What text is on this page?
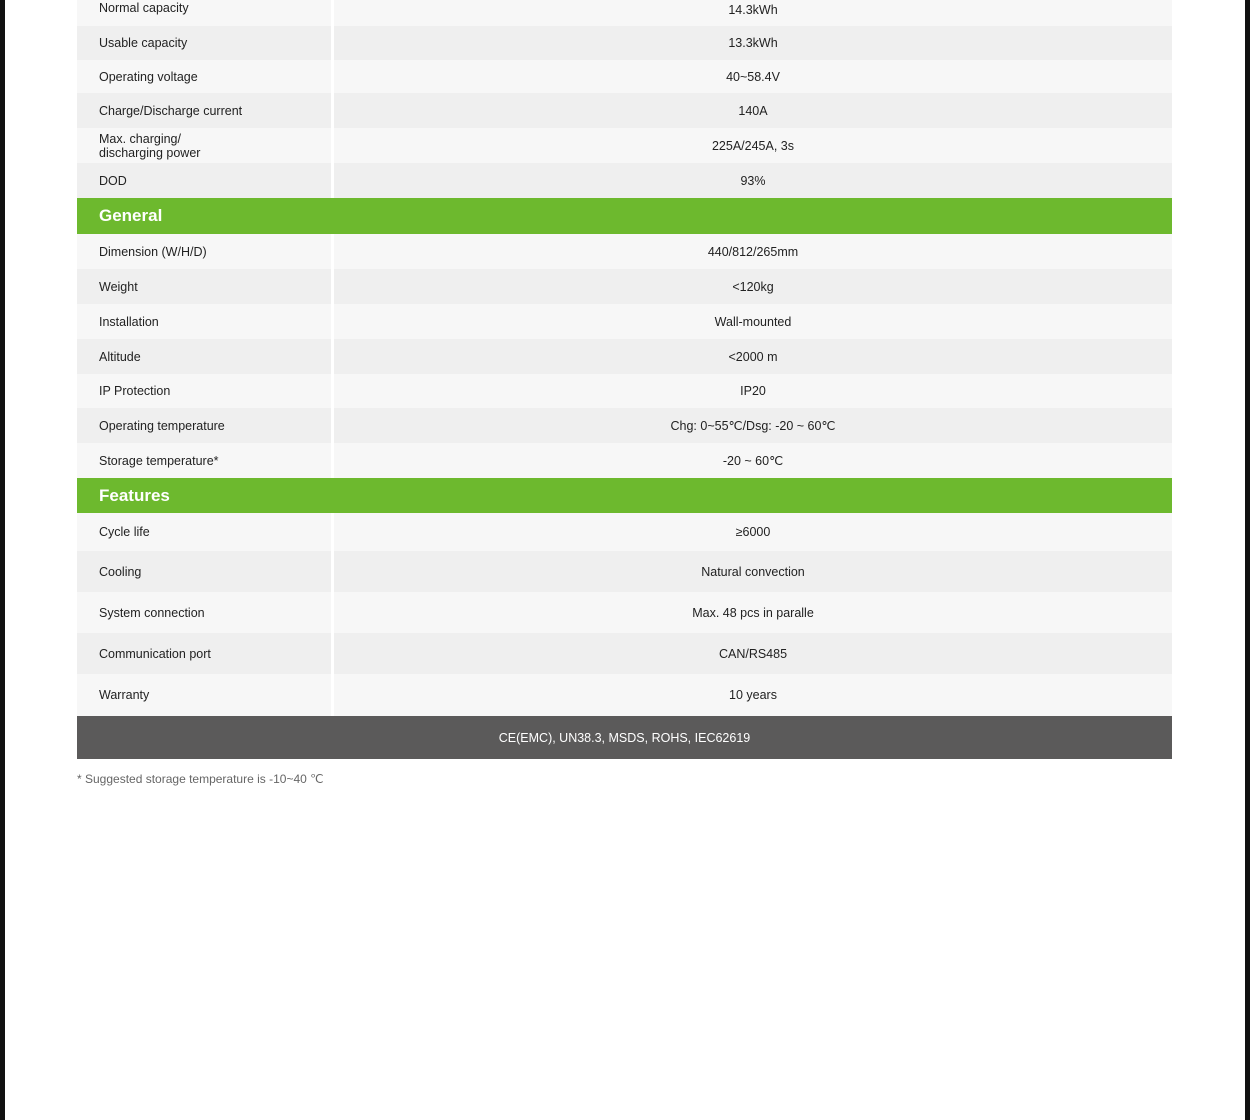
Normal capacity	14.3kWh
Usable capacity	13.3kWh
Operating voltage	40~58.4V
Charge/Discharge current	140A
Max. charging/
discharging power	225A/245A, 3s
DOD	93%
General
Dimension (W/H/D)	440/812/265mm
Weight	<120kg
Installation	Wall-mounted
Altitude	<2000 m
IP Protection	IP20
Operating temperature	Chg: 0~55℃/Dsg: -20 ~ 60℃
Storage temperature*	-20 ~ 60℃
Features
Cycle life	≥6000
Cooling	Natural convection
System connection	Max. 48 pcs in paralle
Communication port	CAN/RS485
Warranty	10 years
CE(EMC), UN38.3, MSDS, ROHS, IEC62619
* Suggested storage temperature is -10~40 ℃
